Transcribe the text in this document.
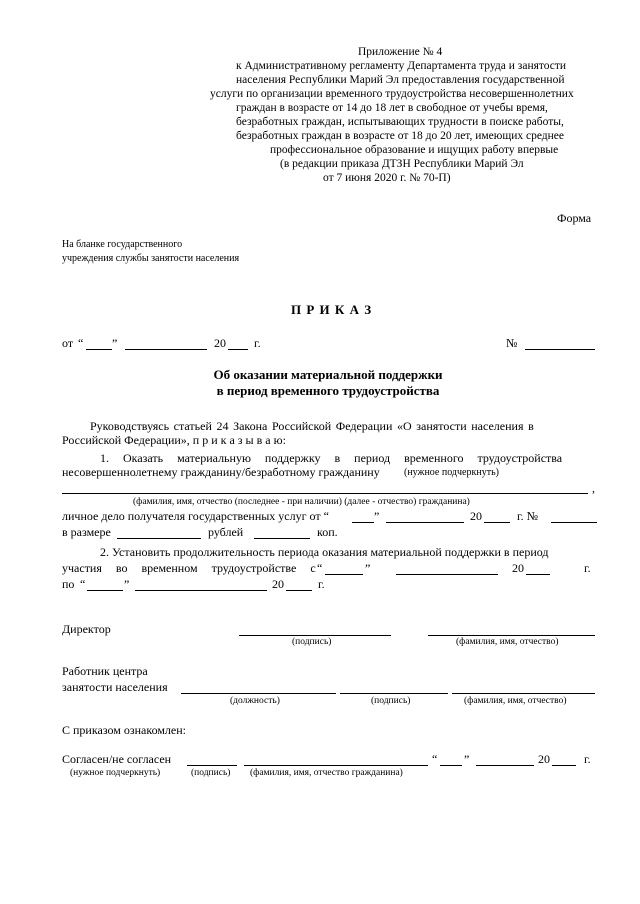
Приложение № 4
к Административному регламенту Департамента труда и занятости
населения Республики Марий Эл предоставления государственной
услуги по организации временного трудоустройства несовершеннолетних
граждан в возрасте от 14 до 18 лет в свободное от учебы время,
безработных граждан, испытывающих трудности в поиске работы,
безработных граждан в возрасте от 18 до 20 лет, имеющих среднее
профессиональное образование и ищущих работу впервые
(в редакции приказа ДТЗН Республики Марий Эл
от 7 июня 2020 г. № 70-П)
Форма
На бланке государственного
учреждения службы занятости населения
П Р И К А З
от “ ”	20 г.	№
Об оказании материальной поддержки
в период временного трудоустройства
Руководствуясь статьей 24 Закона Российской Федерации «О занятости населения в
Российской Федерации», п р и к а з ы в а ю:
1. Оказать материальную поддержку в период временного трудоустройства
несовершеннолетнему гражданину/безработному гражданину (нужное подчеркнуть)
,
(фамилия, имя, отчество (последнее - при наличии) (далее - отчество) гражданина)
личное дело получателя государственных услуг от “	”	20	г. №
в размере	рублей	коп.
2. Установить продолжительность периода оказания материальной поддержки в период
участия во временном трудоустройстве с “	”	20	г.
по “	”	20	г.
Директор
(подпись)	(фамилия, имя, отчество)
Работник центра
занятости населения
(должность)	(подпись)	(фамилия, имя, отчество)
С приказом ознакомлен:
Согласен/не согласен	“ ”	20	г.
(нужное подчеркнуть)	(подпись) (фамилия, имя, отчество гражданина)
